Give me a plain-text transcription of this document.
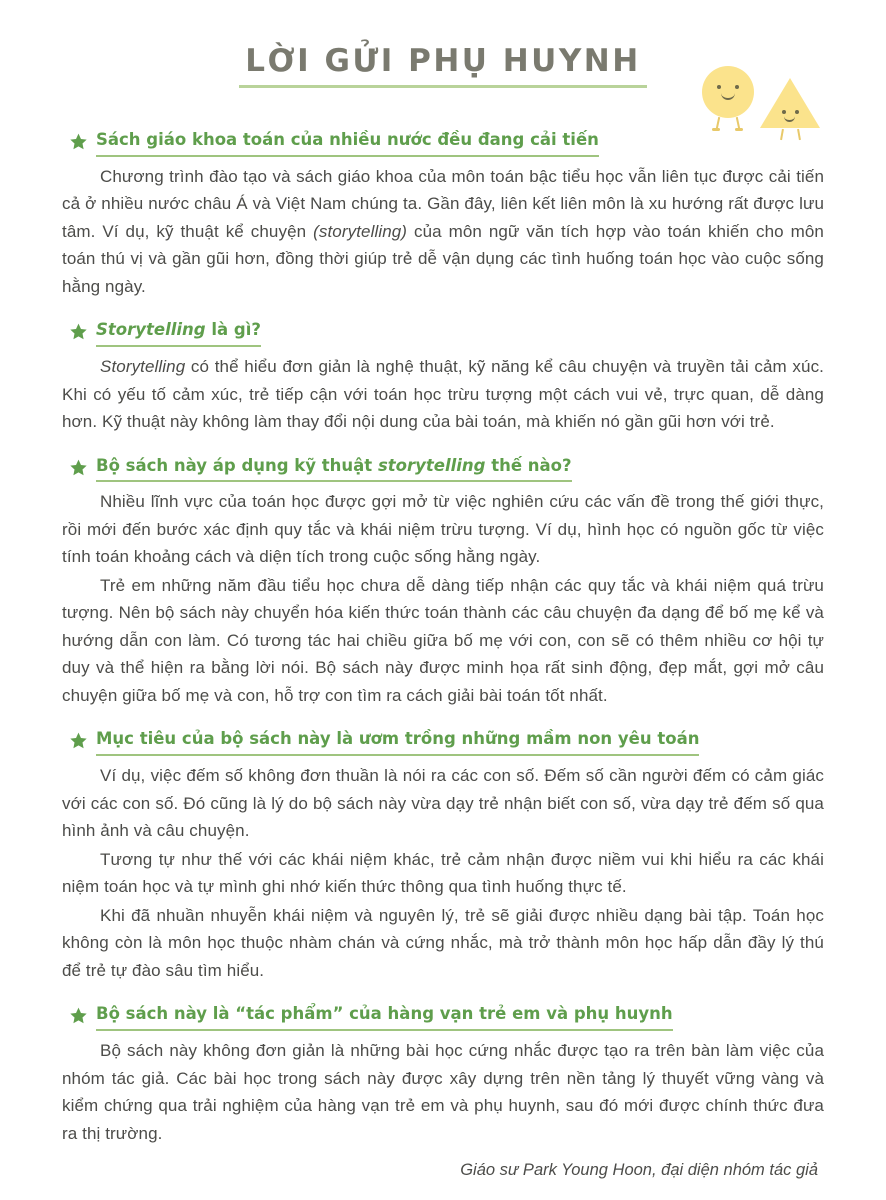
LỜI GỬI PHỤ HUYNH
Sách giáo khoa toán của nhiều nước đều đang cải tiến

Chương trình đào tạo và sách giáo khoa của môn toán bậc tiểu học vẫn liên tục được cải tiến cả ở nhiều nước châu Á và Việt Nam chúng ta. Gần đây, liên kết liên môn là xu hướng rất được lưu tâm. Ví dụ, kỹ thuật kể chuyện (storytelling) của môn ngữ văn tích hợp vào toán khiến cho môn toán thú vị và gần gũi hơn, đồng thời giúp trẻ dễ vận dụng các tình huống toán học vào cuộc sống hằng ngày.

Storytelling là gì?

Storytelling có thể hiểu đơn giản là nghệ thuật, kỹ năng kể câu chuyện và truyền tải cảm xúc. Khi có yếu tố cảm xúc, trẻ tiếp cận với toán học trừu tượng một cách vui vẻ, trực quan, dễ dàng hơn. Kỹ thuật này không làm thay đổi nội dung của bài toán, mà khiến nó gần gũi hơn với trẻ.

Bộ sách này áp dụng kỹ thuật storytelling thế nào?

Nhiều lĩnh vực của toán học được gợi mở từ việc nghiên cứu các vấn đề trong thế giới thực, rồi mới đến bước xác định quy tắc và khái niệm trừu tượng. Ví dụ, hình học có nguồn gốc từ việc tính toán khoảng cách và diện tích trong cuộc sống hằng ngày.

Trẻ em những năm đầu tiểu học chưa dễ dàng tiếp nhận các quy tắc và khái niệm quá trừu tượng. Nên bộ sách này chuyển hóa kiến thức toán thành các câu chuyện đa dạng để bố mẹ kể và hướng dẫn con làm. Có tương tác hai chiều giữa bố mẹ với con, con sẽ có thêm nhiều cơ hội tự duy và thể hiện ra bằng lời nói. Bộ sách này được minh họa rất sinh động, đẹp mắt, gợi mở câu chuyện giữa bố mẹ và con, hỗ trợ con tìm ra cách giải bài toán tốt nhất.

Mục tiêu của bộ sách này là ươm trồng những mầm non yêu toán

Ví dụ, việc đếm số không đơn thuần là nói ra các con số. Đếm số cần người đếm có cảm giác với các con số. Đó cũng là lý do bộ sách này vừa dạy trẻ nhận biết con số, vừa dạy trẻ đếm số qua hình ảnh và câu chuyện.

Tương tự như thế với các khái niệm khác, trẻ cảm nhận được niềm vui khi hiểu ra các khái niệm toán học và tự mình ghi nhớ kiến thức thông qua tình huống thực tế.

Khi đã nhuần nhuyễn khái niệm và nguyên lý, trẻ sẽ giải được nhiều dạng bài tập. Toán học không còn là môn học thuộc nhàm chán và cứng nhắc, mà trở thành môn học hấp dẫn đầy lý thú để trẻ tự đào sâu tìm hiểu.

Bộ sách này là “tác phẩm” của hàng vạn trẻ em và phụ huynh

Bộ sách này không đơn giản là những bài học cứng nhắc được tạo ra trên bàn làm việc của nhóm tác giả. Các bài học trong sách này được xây dựng trên nền tảng lý thuyết vững vàng và kiểm chứng qua trải nghiệm của hàng vạn trẻ em và phụ huynh, sau đó mới được chính thức đưa ra thị trường.

Giáo sư Park Young Hoon, đại diện nhóm tác giả
